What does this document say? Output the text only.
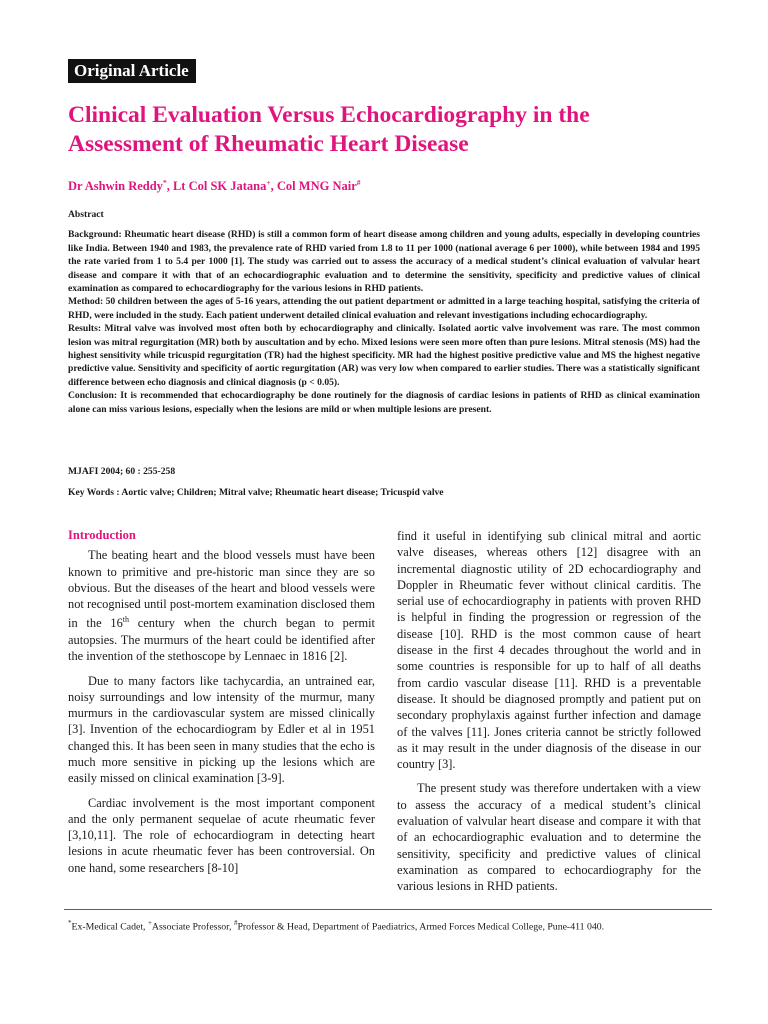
Original Article
Clinical Evaluation Versus Echocardiography in the Assessment of Rheumatic Heart Disease
Dr Ashwin Reddy*, Lt Col SK Jatana+, Col MNG Nair#
Abstract

Background: Rheumatic heart disease (RHD) is still a common form of heart disease among children and young adults, especially in developing countries like India. Between 1940 and 1983, the prevalence rate of RHD varied from 1.8 to 11 per 1000 (national average 6 per 1000), while between 1984 and 1995 the rate varied from 1 to 5.4 per 1000 [1]. The study was carried out to assess the accuracy of a medical student’s clinical evaluation of valvular heart disease and compare it with that of an echocardiographic evaluation and to determine the sensitivity, specificity and predictive values of clinical examination as compared to echocardiography for the various lesions in RHD patients.

Method: 50 children between the ages of 5-16 years, attending the out patient department or admitted in a large teaching hospital, satisfying the criteria of RHD, were included in the study. Each patient underwent detailed clinical evaluation and relevant investigations including echocardiography.

Results: Mitral valve was involved most often both by echocardiography and clinically. Isolated aortic valve involvement was rare. The most common lesion was mitral regurgitation (MR) both by auscultation and by echo. Mixed lesions were seen more often than pure lesions. Mitral stenosis (MS) had the highest sensitivity while tricuspid regurgitation (TR) had the highest specificity. MR had the highest positive predictive value and MS the highest negative predictive value. Sensitivity and specificity of aortic regurgitation (AR) was very low when compared to earlier studies. There was a statistically significant difference between echo diagnosis and clinical diagnosis (p < 0.05).

Conclusion: It is recommended that echocardiography be done routinely for the diagnosis of cardiac lesions in patients of RHD as clinical examination alone can miss various lesions, especially when the lesions are mild or when multiple lesions are present.

MJAFI 2004; 60 : 255-258
Key Words : Aortic valve; Children; Mitral valve; Rheumatic heart disease; Tricuspid valve
Introduction

The beating heart and the blood vessels must have been known to primitive and pre-historic man since they are so obvious. But the diseases of the heart and blood vessels were not recognised until post-mortem examination disclosed them in the 16th century when the church began to permit autopsies. The murmurs of the heart could be identified after the invention of the stethoscope by Lennaec in 1816 [2].

Due to many factors like tachycardia, an untrained ear, noisy surroundings and low intensity of the murmur, many murmurs in the cardiovascular system are missed clinically [3]. Invention of the echocardiogram by Edler et al in 1951 changed this. It has been seen in many studies that the echo is much more sensitive in picking up the lesions which are easily missed on clinical examination [3-9].

Cardiac involvement is the most important component and the only permanent sequelae of acute rheumatic fever [3,10,11]. The role of echocardiogram in detecting heart lesions in acute rheumatic fever has been controversial. On one hand, some researchers [8-10]

find it useful in identifying sub clinical mitral and aortic valve diseases, whereas others [12] disagree with an incremental diagnostic utility of 2D echocardiography and Doppler in Rheumatic fever without clinical carditis. The serial use of echocardiography in patients with proven RHD is helpful in finding the progression or regression of the disease [10]. RHD is the most common cause of heart disease in the first 4 decades throughout the world and in some countries is responsible for up to half of all deaths from cardio vascular disease [11]. RHD is a preventable disease. It should be diagnosed promptly and patient put on secondary prophylaxis against further infection and damage of the valves [11]. Jones criteria cannot be strictly followed as it may result in the under diagnosis of the disease in our country [3].

The present study was therefore undertaken with a view to assess the accuracy of a medical student’s clinical evaluation of valvular heart disease and compare it with that of an echocardiographic evaluation and to determine the sensitivity, specificity and predictive values of clinical examination as compared to echocardiography for the various lesions in RHD patients.

*Ex-Medical Cadet, +Associate Professor, #Professor & Head, Department of Paediatrics, Armed Forces Medical College, Pune-411 040.
